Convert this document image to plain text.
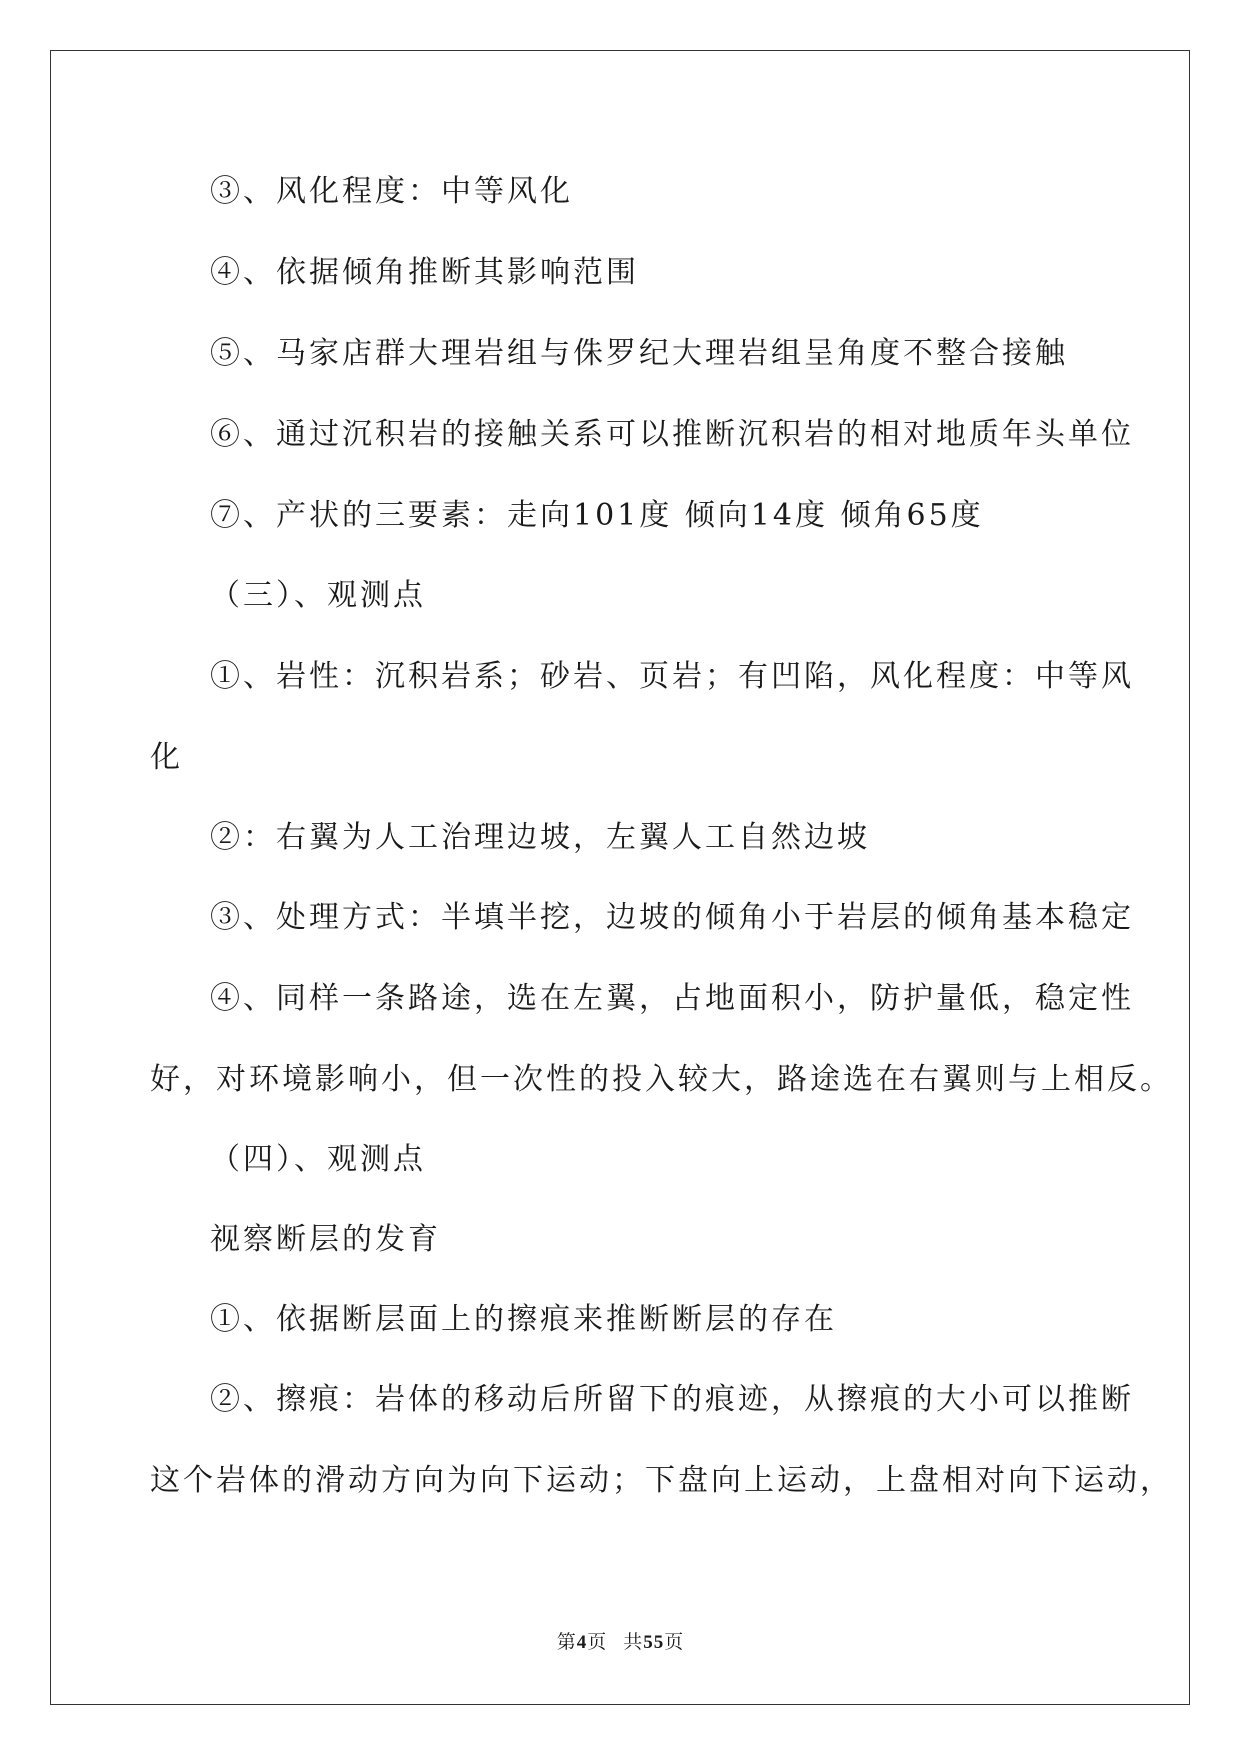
③、风化程度：中等风化
④、依据倾角推断其影响范围
⑤、马家店群大理岩组与侏罗纪大理岩组呈角度不整合接触
⑥、通过沉积岩的接触关系可以推断沉积岩的相对地质年头单位
⑦、产状的三要素：走向101度 倾向14度 倾角65度
（三）、观测点
①、岩性：沉积岩系；砂岩、页岩；有凹陷，风化程度：中等风
化
②：右翼为人工治理边坡，左翼人工自然边坡
③、处理方式：半填半挖，边坡的倾角小于岩层的倾角基本稳定
④、同样一条路途，选在左翼，占地面积小，防护量低，稳定性
好，对环境影响小，但一次性的投入较大，路途选在右翼则与上相反。
（四）、观测点
视察断层的发育
①、依据断层面上的擦痕来推断断层的存在
②、擦痕：岩体的移动后所留下的痕迹，从擦痕的大小可以推断
这个岩体的滑动方向为向下运动；下盘向上运动，上盘相对向下运动，
第4页 共55页
